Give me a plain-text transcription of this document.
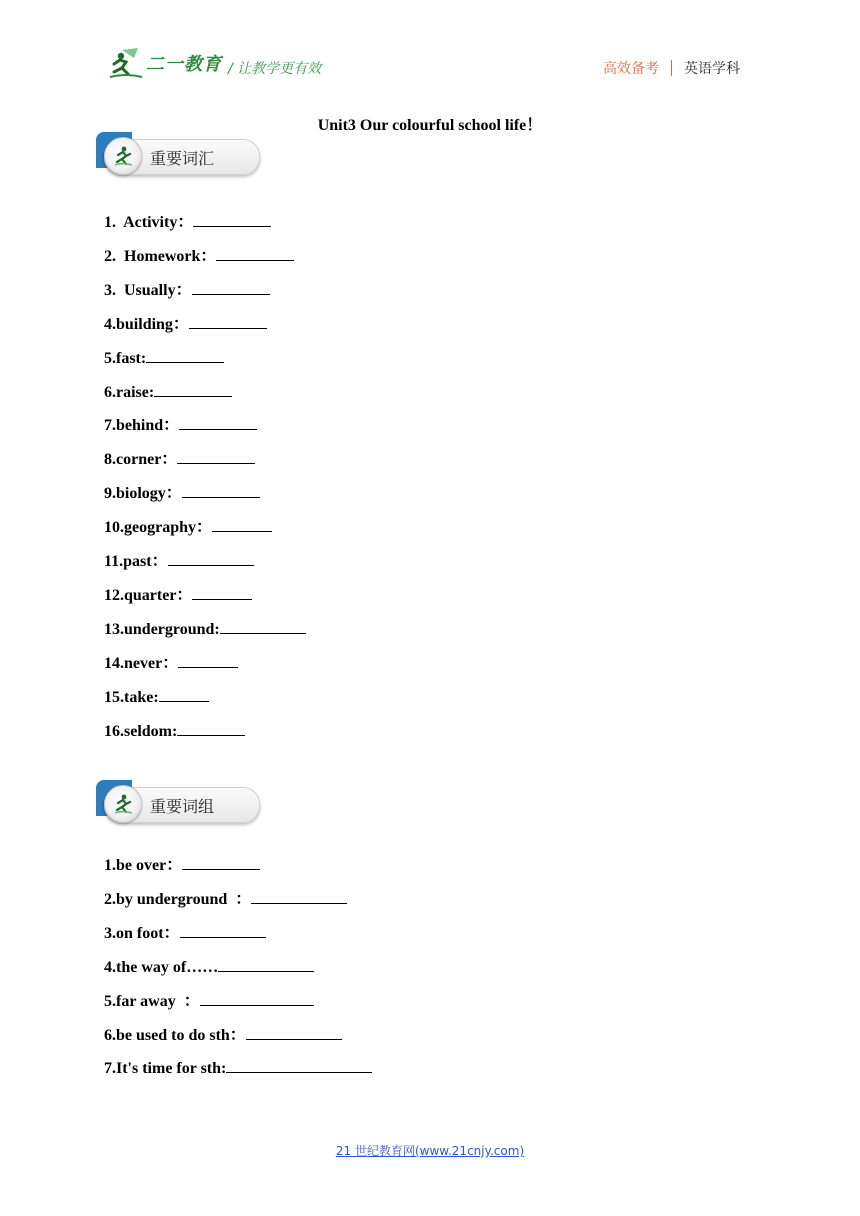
二一教育 / 让教学更有效	高效备考 英语学科
Unit3 Our colourful school life！
重要词汇
1.  Activity：
2.  Homework：
3.  Usually：
4.building：
5.fast:
6.raise:
7.behind：
8.corner：
9.biology：
10.geography：
11.past：
12.quarter：
13.underground:
14.never：
15.take:
16.seldom:
重要词组
1.be over：
2.by underground  ：
3.on foot：
4.the way of……
5.far away  ：
6.be used to do sth：
7.It's time for sth:
21 世纪教育网(www.21cnjy.com)
